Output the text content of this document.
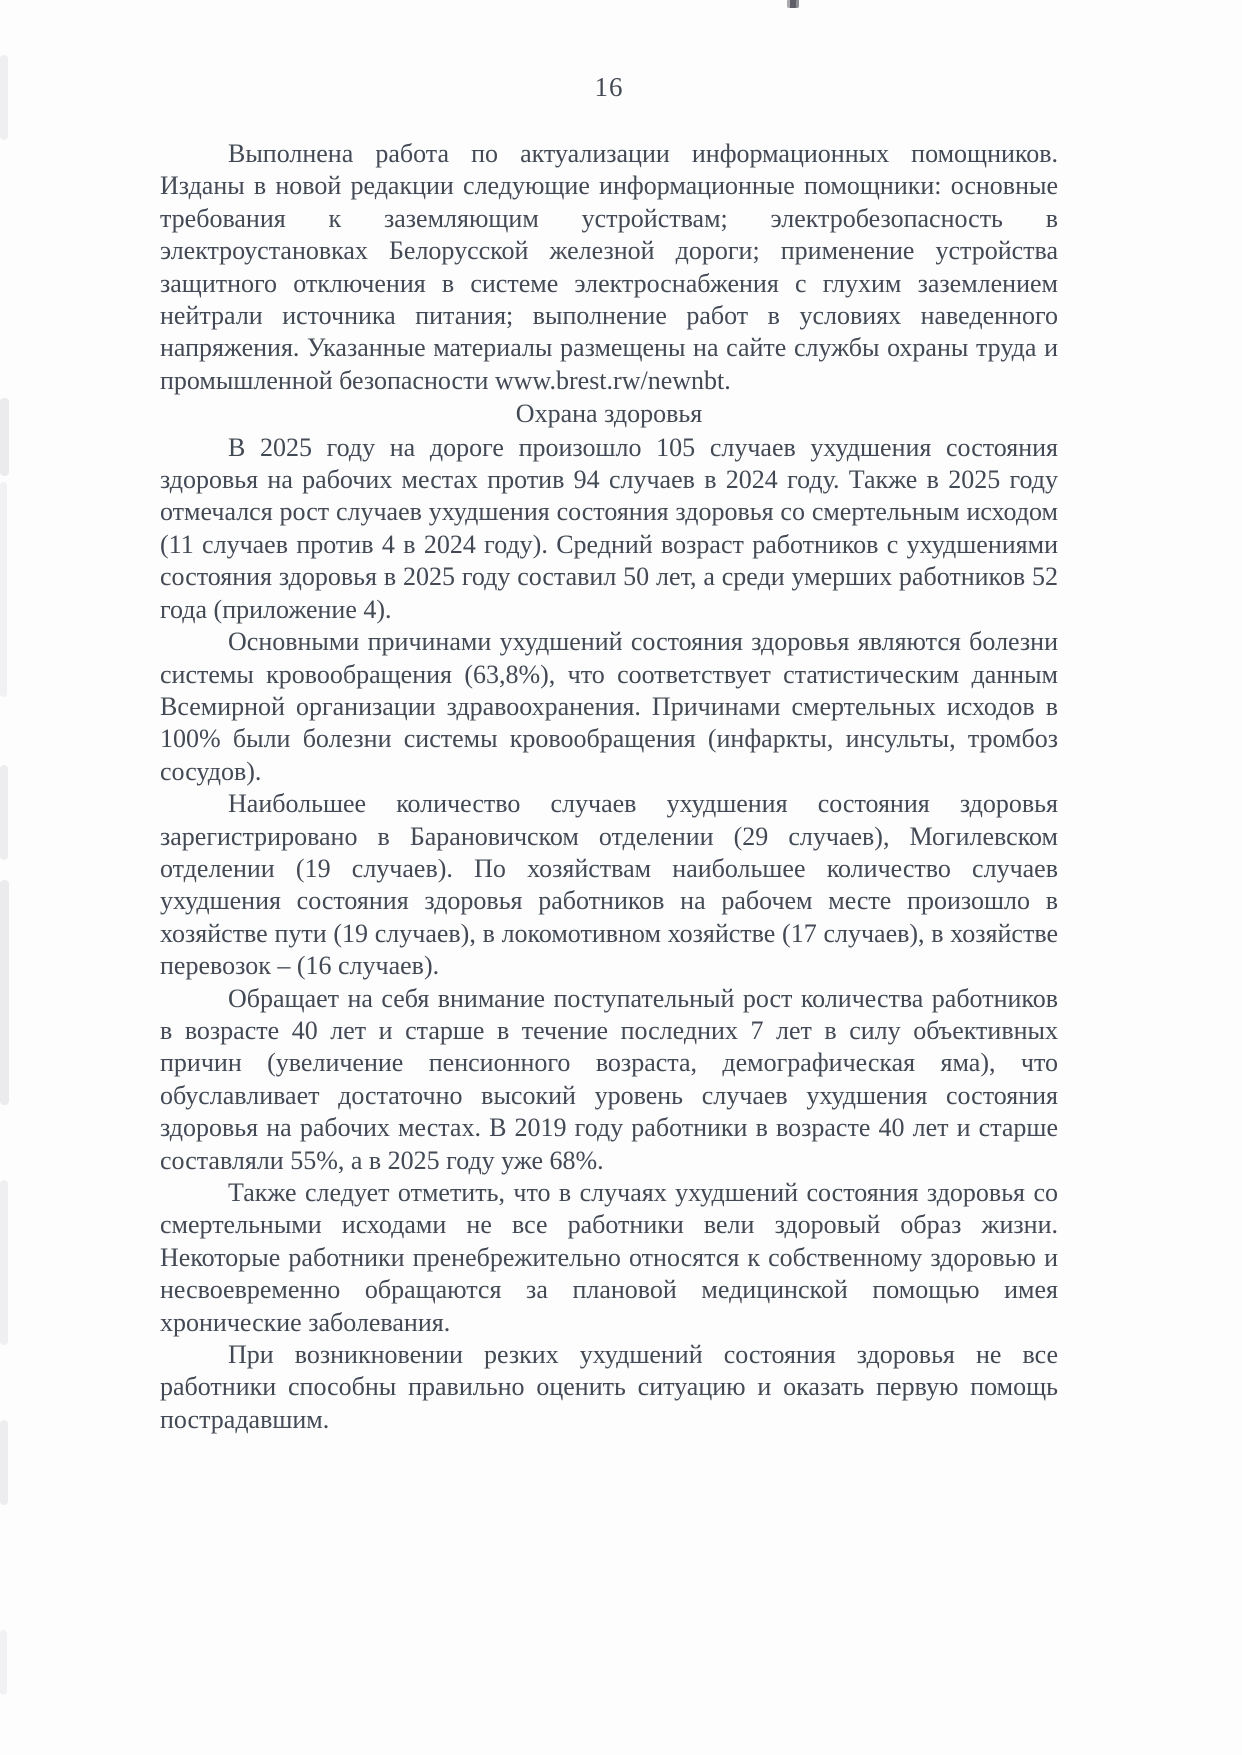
16

Выполнена работа по актуализации информационных помощников. Изданы в новой редакции следующие информационные помощники: основные требования к заземляющим устройствам; электробезопасность в электроустановках Белорусской железной дороги; применение устройства защитного отключения в системе электроснабжения с глухим заземлением нейтрали источника питания; выполнение работ в условиях наведенного напряжения. Указанные материалы размещены на сайте службы охраны труда и промышленной безопасности www.brest.rw/newnbt.

Охрана здоровья

В 2025 году на дороге произошло 105 случаев ухудшения состояния здоровья на рабочих местах против 94 случаев в 2024 году. Также в 2025 году отмечался рост случаев ухудшения состояния здоровья со смертельным исходом (11 случаев против 4 в 2024 году). Средний возраст работников с ухудшениями состояния здоровья в 2025 году составил 50 лет, а среди умерших работников 52 года (приложение 4).

Основными причинами ухудшений состояния здоровья являются болезни системы кровообращения (63,8%), что соответствует статистическим данным Всемирной организации здравоохранения. Причинами смертельных исходов в 100% были болезни системы кровообращения (инфаркты, инсульты, тромбоз сосудов).

Наибольшее количество случаев ухудшения состояния здоровья зарегистрировано в Барановичском отделении (29 случаев), Могилевском отделении (19 случаев). По хозяйствам наибольшее количество случаев ухудшения состояния здоровья работников на рабочем месте произошло в хозяйстве пути (19 случаев), в локомотивном хозяйстве (17 случаев), в хозяйстве перевозок – (16 случаев).

Обращает на себя внимание поступательный рост количества работников в возрасте 40 лет и старше в течение последних 7 лет в силу объективных причин (увеличение пенсионного возраста, демографическая яма), что обуславливает достаточно высокий уровень случаев ухудшения состояния здоровья на рабочих местах. В 2019 году работники в возрасте 40 лет и старше составляли 55%, а в 2025 году уже 68%.

Также следует отметить, что в случаях ухудшений состояния здоровья со смертельными исходами не все работники вели здоровый образ жизни. Некоторые работники пренебрежительно относятся к собственному здоровью и несвоевременно обращаются за плановой медицинской помощью имея хронические заболевания.

При возникновении резких ухудшений состояния здоровья не все работники способны правильно оценить ситуацию и оказать первую помощь пострадавшим.
